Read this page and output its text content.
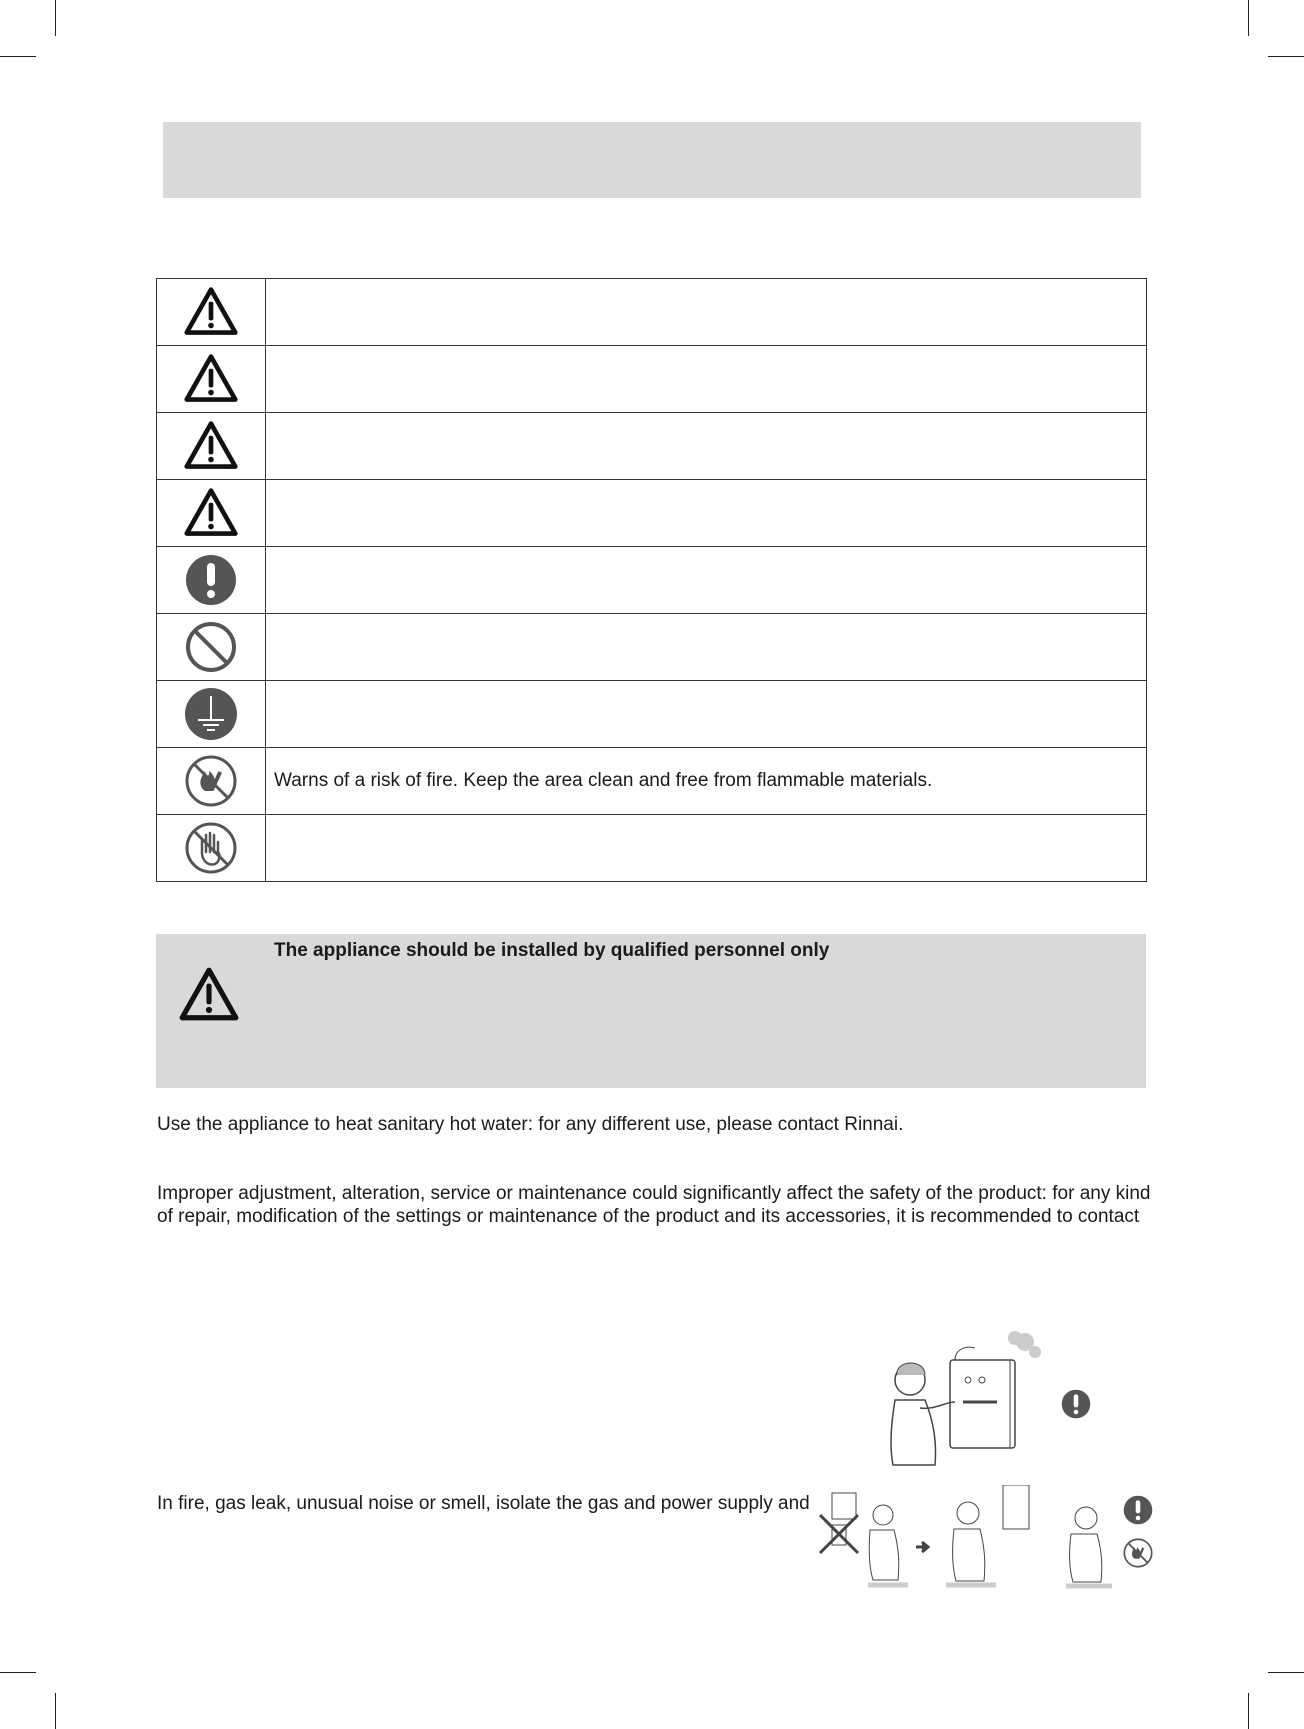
	Warns of a risk of fire. Keep the area clean and free from flammable materials.

The appliance should be installed by qualified personnel only

Use the appliance to heat sanitary hot water: for any different use, please contact Rinnai.

Improper adjustment, alteration, service or maintenance could significantly affect the safety of the product: for any kind

of repair, modification of the settings or maintenance of the product and its accessories, it is recommended to contact

In fire, gas leak, unusual noise or smell, isolate the gas and power supply and
